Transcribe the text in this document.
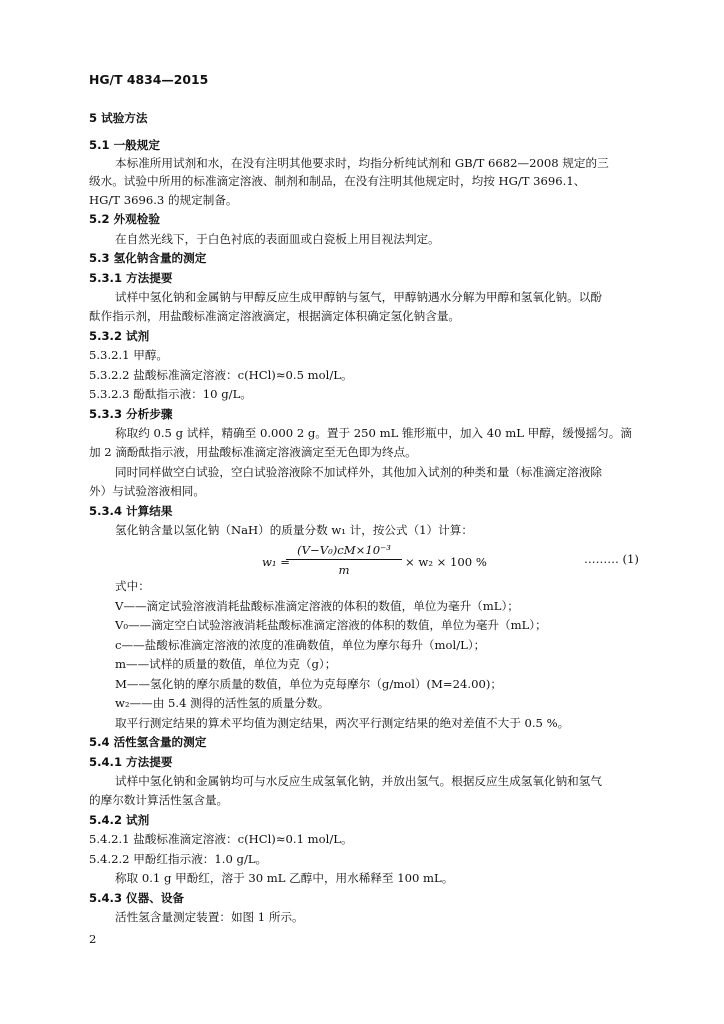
HG/T 4834—2015
5 试验方法
5.1 一般规定
本标准所用试剂和水，在没有注明其他要求时，均指分析纯试剂和 GB/T 6682—2008 规定的三
级水。试验中所用的标准滴定溶液、制剂和制品，在没有注明其他规定时，均按 HG/T 3696.1、
HG/T 3696.3 的规定制备。
5.2 外观检验
在自然光线下，于白色衬底的表面皿或白瓷板上用目视法判定。
5.3 氢化钠含量的测定
5.3.1 方法提要
试样中氢化钠和金属钠与甲醇反应生成甲醇钠与氢气，甲醇钠遇水分解为甲醇和氢氧化钠。以酚
酞作指示剂，用盐酸标准滴定溶液滴定，根据滴定体积确定氢化钠含量。
5.3.2 试剂
5.3.2.1 甲醇。
5.3.2.2 盐酸标准滴定溶液：c(HCl)≈0.5 mol/L。
5.3.2.3 酚酞指示液：10 g/L。
5.3.3 分析步骤
称取约 0.5 g 试样，精确至 0.000 2 g。置于 250 mL 锥形瓶中，加入 40 mL 甲醇，缓慢摇匀。滴
加 2 滴酚酞指示液，用盐酸标准滴定溶液滴定至无色即为终点。
同时同样做空白试验，空白试验溶液除不加试样外，其他加入试剂的种类和量（标准滴定溶液除
外）与试验溶液相同。
5.3.4 计算结果
氢化钠含量以氢化钠（NaH）的质量分数 w₁ 计，按公式（1）计算：
w₁ =
$\frac{\text{(V−V₀)cM×10⁻³}}{m} \times w_2 \times 100$ %	……… (1)
式中：
V——滴定试验溶液消耗盐酸标准滴定溶液的体积的数值，单位为毫升（mL）；
V₀——滴定空白试验溶液消耗盐酸标准滴定溶液的体积的数值，单位为毫升（mL）；
c——盐酸标准滴定溶液的浓度的准确数值，单位为摩尔每升（mol/L）；
m——试样的质量的数值，单位为克（g）；
M——氢化钠的摩尔质量的数值，单位为克每摩尔（g/mol）(M=24.00)；
w₂——由 5.4 测得的活性氢的质量分数。
取平行测定结果的算术平均值为测定结果，两次平行测定结果的绝对差值不大于 0.5 %。
5.4 活性氢含量的测定
5.4.1 方法提要
试样中氢化钠和金属钠均可与水反应生成氢氧化钠，并放出氢气。根据反应生成氢氧化钠和氢气
的摩尔数计算活性氢含量。
5.4.2 试剂
5.4.2.1 盐酸标准滴定溶液：c(HCl)≈0.1 mol/L。
5.4.2.2 甲酚红指示液：1.0 g/L。
称取 0.1 g 甲酚红，溶于 30 mL 乙醇中，用水稀释至 100 mL。
5.4.3 仪器、设备
活性氢含量测定装置：如图 1 所示。
2
